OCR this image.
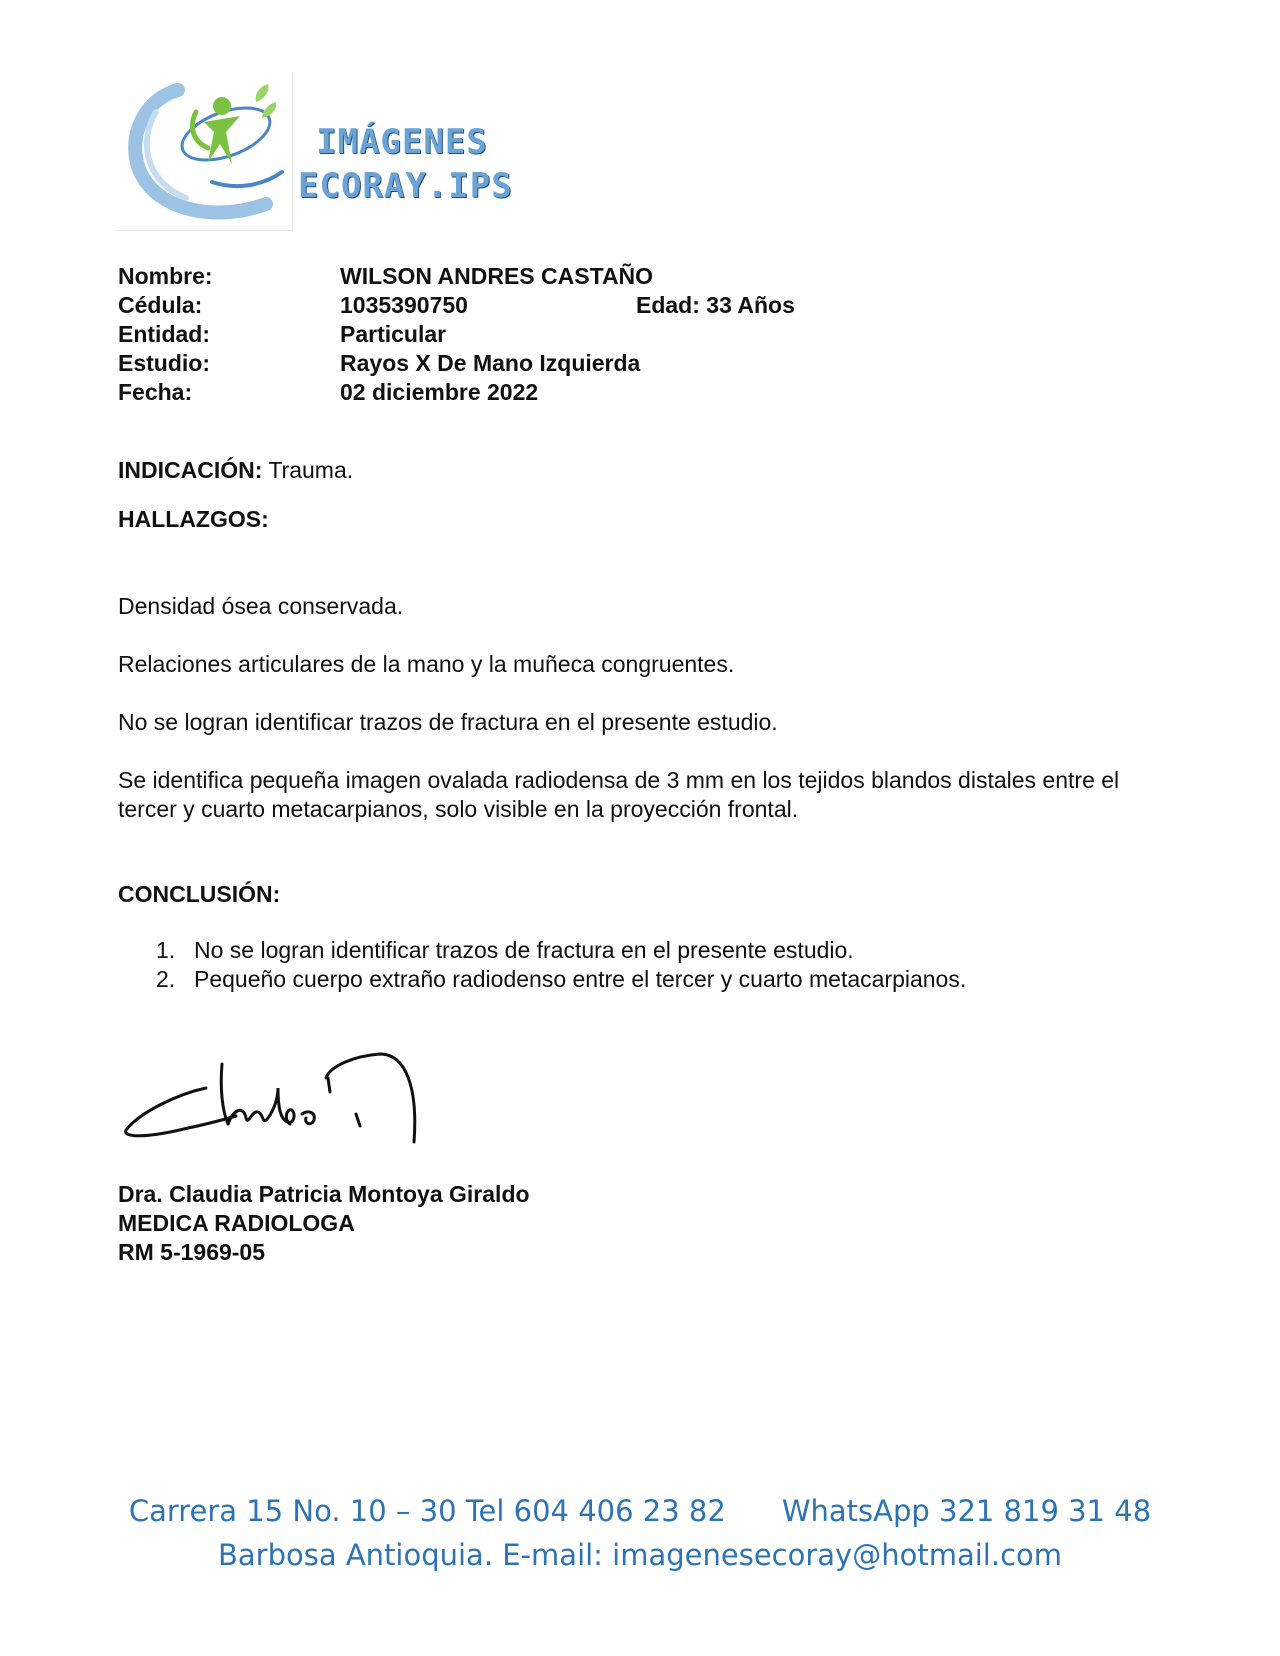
IMÁGENES
ECORAY.IPS
Nombre:	WILSON ANDRES CASTAÑO
Cédula:	1035390750	Edad: 33 Años
Entidad:	Particular
Estudio:	Rayos X De Mano Izquierda
Fecha:	02 diciembre 2022

INDICACIÓN: Trauma.

HALLAZGOS:

Densidad ósea conservada.

Relaciones articulares de la mano y la muñeca congruentes.

No se logran identificar trazos de fractura en el presente estudio.

Se identifica pequeña imagen ovalada radiodensa de 3 mm en los tejidos blandos distales entre el tercer y cuarto metacarpianos, solo visible en la proyección frontal.

CONCLUSIÓN:

1. No se logran identificar trazos de fractura en el presente estudio.
2. Pequeño cuerpo extraño radiodenso entre el tercer y cuarto metacarpianos.
Dra. Claudia Patricia Montoya Giraldo
MEDICA RADIOLOGA
RM 5-1969-05
Carrera 15 No. 10 – 30 Tel 604 406 23 82 WhatsApp 321 819 31 48
Barbosa Antioquia. E-mail: imagenesecoray@hotmail.com
